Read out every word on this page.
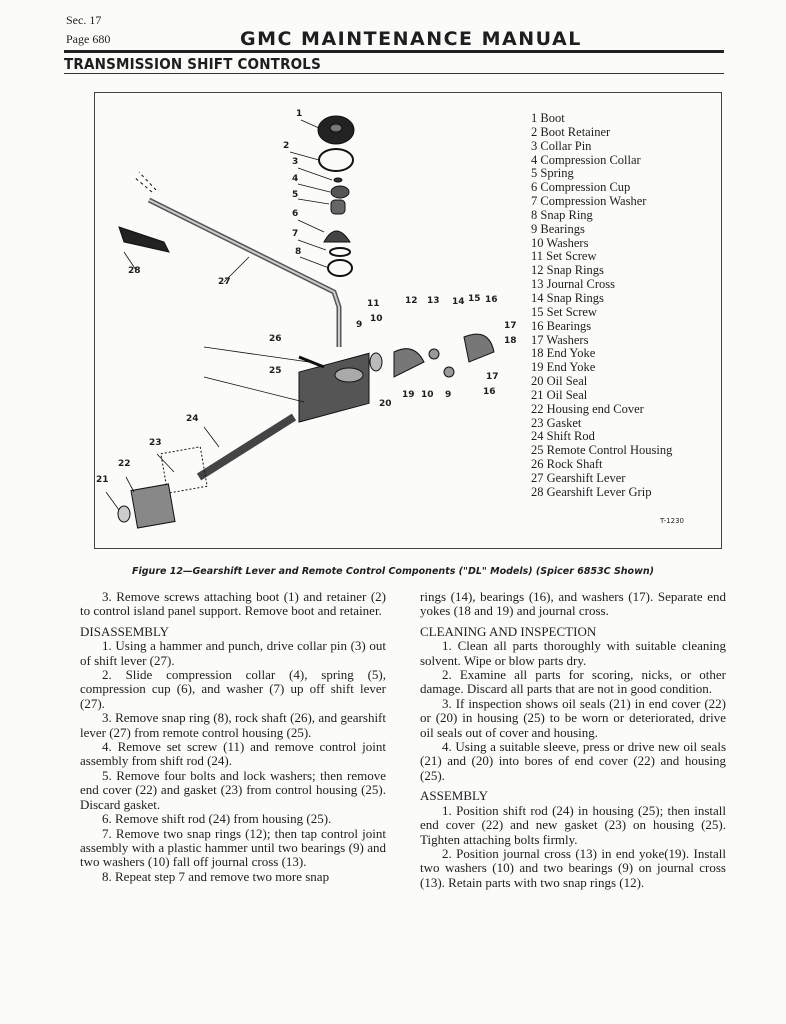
Sec. 17
Page 680	GMC MAINTENANCE MANUAL
TRANSMISSION SHIFT CONTROLS
1
2
3
4
5
6
7
8
28
27
11	12 13 14 15 16
10
9	17
18
26
25
17
16
19 10 9
20
24
23
22
21
1 Boot
2 Boot Retainer
3 Collar Pin
4 Compression Collar
5 Spring
6 Compression Cup
7 Compression Washer
8 Snap Ring
9 Bearings
10 Washers
11 Set Screw
12 Snap Rings
13 Journal Cross
14 Snap Rings
15 Set Screw
16 Bearings
17 Washers
18 End Yoke
19 End Yoke
20 Oil Seal
21 Oil Seal
22 Housing end Cover
23 Gasket
24 Shift Rod
25 Remote Control Housing
26 Rock Shaft
27 Gearshift Lever
28 Gearshift Lever Grip
T-1230
Figure 12—Gearshift Lever and Remote Control Components ("DL" Models) (Spicer 6853C Shown)

3. Remove screws attaching boot (1) and retainer (2) to control island panel support. Remove boot and retainer.

DISASSEMBLY

1. Using a hammer and punch, drive collar pin (3) out of shift lever (27).

2. Slide compression collar (4), spring (5), compression cup (6), and washer (7) up off shift lever (27).

3. Remove snap ring (8), rock shaft (26), and gearshift lever (27) from remote control housing (25).

4. Remove set screw (11) and remove control joint assembly from shift rod (24).

5. Remove four bolts and lock washers; then remove end cover (22) and gasket (23) from control housing (25). Discard gasket.

6. Remove shift rod (24) from housing (25).

7. Remove two snap rings (12); then tap control joint assembly with a plastic hammer until two bearings (9) and two washers (10) fall off journal cross (13).

8. Repeat step 7 and remove two more snap

rings (14), bearings (16), and washers (17). Separate end yokes (18 and 19) and journal cross.

CLEANING AND INSPECTION

1. Clean all parts thoroughly with suitable cleaning solvent. Wipe or blow parts dry.

2. Examine all parts for scoring, nicks, or other damage. Discard all parts that are not in good condition.

3. If inspection shows oil seals (21) in end cover (22) or (20) in housing (25) to be worn or deteriorated, drive oil seals out of cover and housing.

4. Using a suitable sleeve, press or drive new oil seals (21) and (20) into bores of end cover (22) and housing (25).

ASSEMBLY

1. Position shift rod (24) in housing (25); then install end cover (22) and new gasket (23) on housing (25). Tighten attaching bolts firmly.

2. Position journal cross (13) in end yoke(19). Install two washers (10) and two bearings (9) on journal cross (13). Retain parts with two snap rings (12).
